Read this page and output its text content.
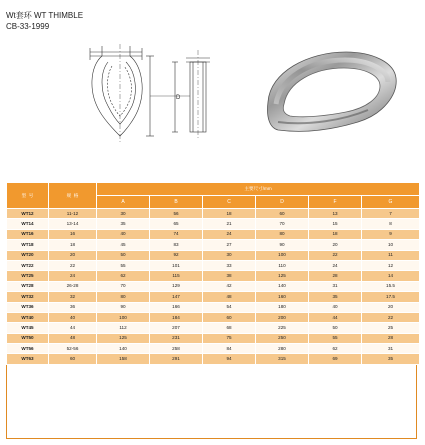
Wt套环 WT THIMBLE
CB-33-1999
D
型 号	规 格	主要尺寸/mm					
		A	B	C	D	F	G
WT12	11-12	30	56	18	60	13	7
WT14	13-14	35	65	21	70	15	8
WT16	16	40	74	24	80	18	9
WT18	18	45	83	27	90	20	10
WT20	20	50	92	30	100	22	11
WT22	22	55	101	33	110	24	12
WT25	24	62	115	38	125	28	14
WT28	26-28	70	129	42	140	31	15.5
WT32	32	80	147	48	160	35	17.5
WT36	36	90	166	54	180	40	20
WT40	40	100	184	60	200	44	22
WT45	44	112	207	68	225	50	25
WT50	48	125	231	75	250	55	28
WT56	52-56	140	258	84	280	62	31
WT63	60	158	291	94	315	69	35
